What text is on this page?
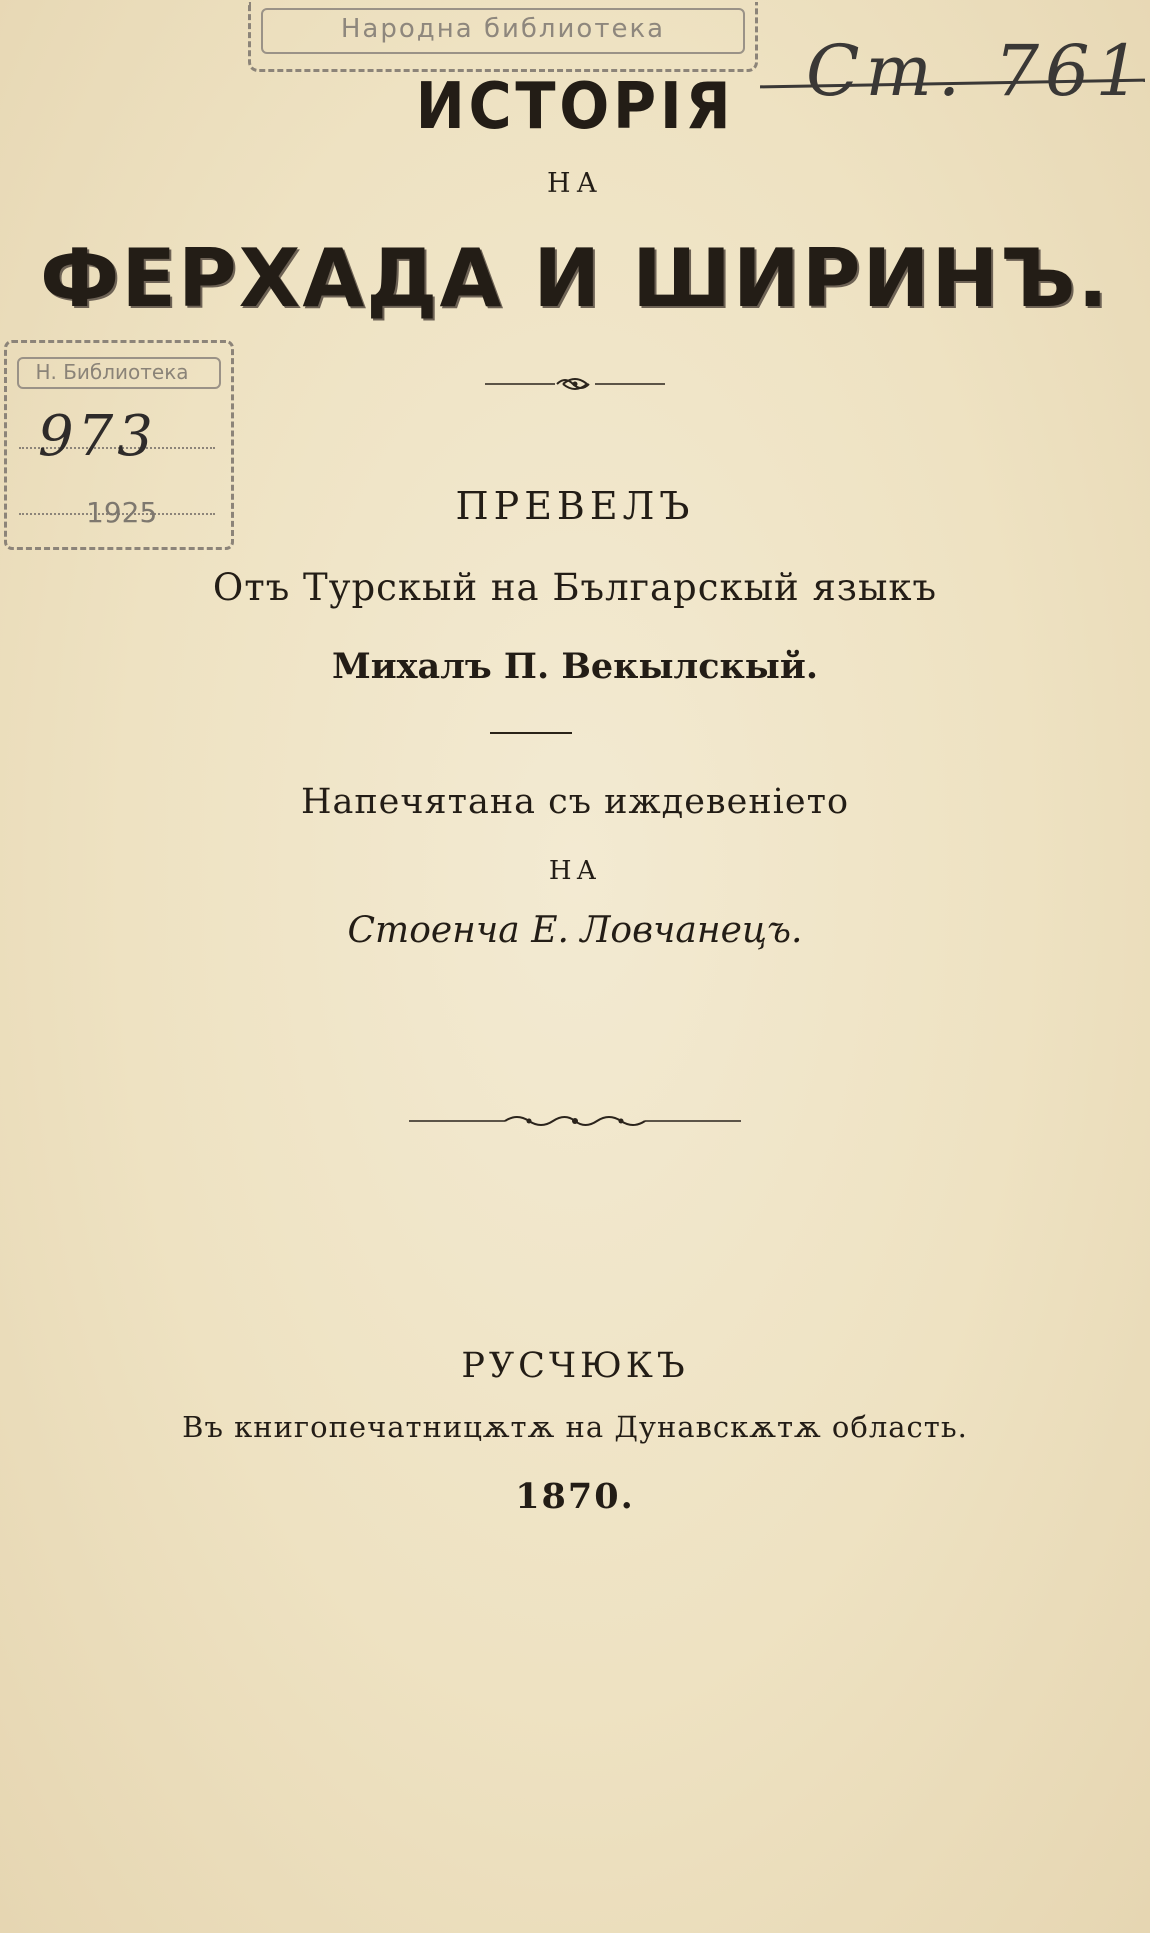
Народна библиотека
Ст. 761
Н. Библиотека
973
1925
ИСТОРІЯ
НА
ФЕРХАДА И ШИРИНЪ.
ПРЕВЕЛЪ
Отъ Турскый на Българскый языкъ
Михалъ П. Векылскый.
Напечятана съ иждевеніето
НА
Стоенча Е. Ловчанецъ.
РУСЧЮКЪ
Въ книгопечатницѫтѫ на Дунавскѫтѫ область.
1870.
